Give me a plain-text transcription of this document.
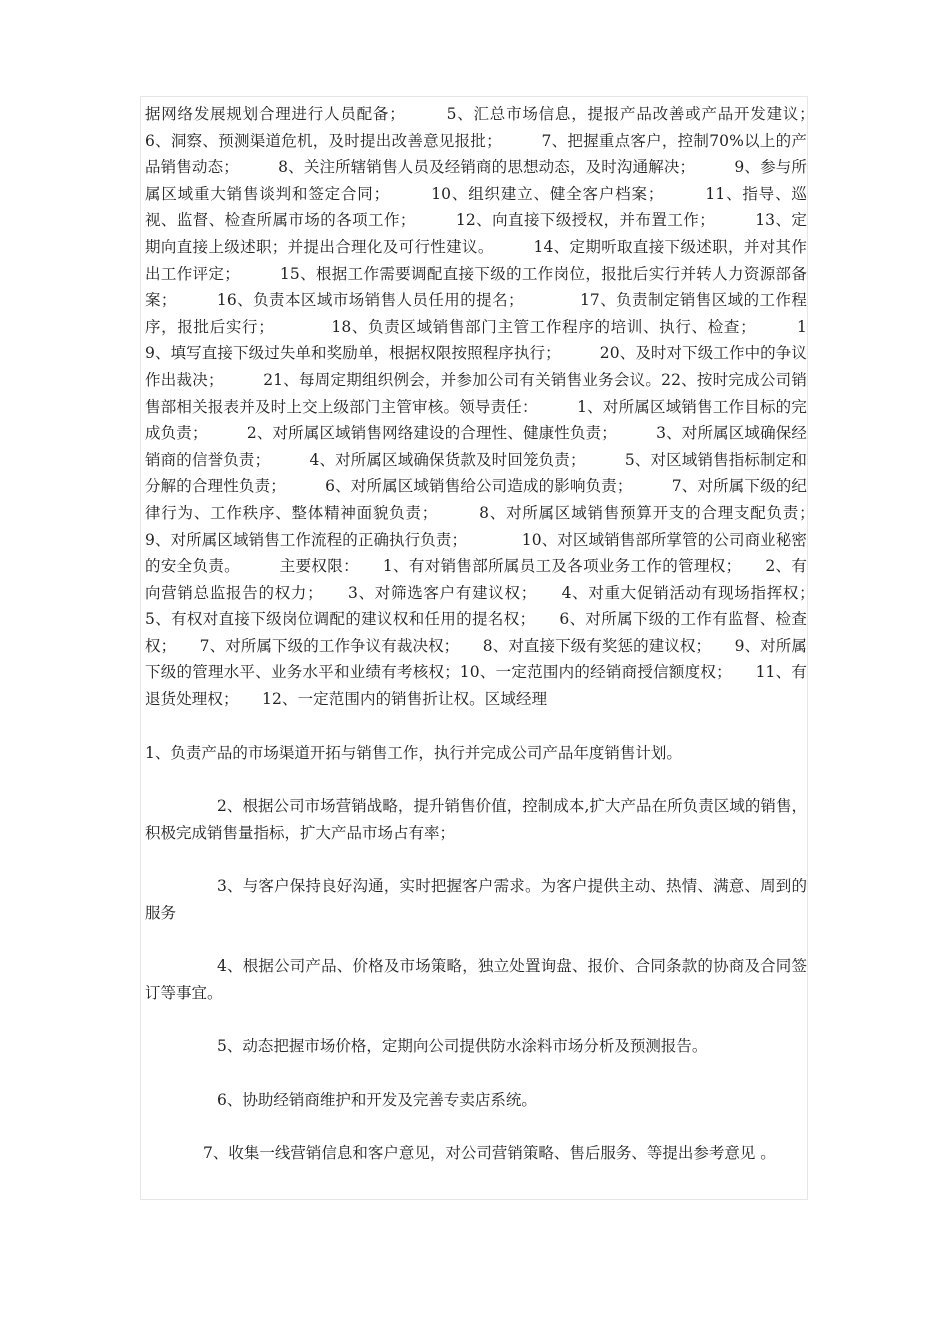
据网络发展规划合理进行人员配备；　　　5、汇总市场信息，提报产品改善或产品开发建议；　　　6、洞察、预测渠道危机，及时提出改善意见报批；　　　7、把握重点客户，控制70%以上的产品销售动态；　　　8、关注所辖销售人员及经销商的思想动态，及时沟通解决；　　　9、参与所属区域重大销售谈判和签定合同；　　　10、组织建立、健全客户档案；　　　11、指导、巡视、监督、检查所属市场的各项工作；　　　12、向直接下级授权，并布置工作；　　　13、定期向直接上级述职；并提出合理化及可行性建议。　　　14、定期听取直接下级述职，并对其作出工作评定；　　　15、根据工作需要调配直接下级的工作岗位，报批后实行并转人力资源部备案；　　　16、负责本区域市场销售人员任用的提名；　　　　17、负责制定销售区域的工作程序，报批后实行；　　　　18、负责区域销售部门主管工作程序的培训、执行、检查；　　　19、填写直接下级过失单和奖励单，根据权限按照程序执行；　　　20、及时对下级工作中的争议作出裁决；　　　21、每周定期组织例会，并参加公司有关销售业务会议。22、按时完成公司销售部相关报表并及时上交上级部门主管审核。领导责任：　　　1、对所属区域销售工作目标的完成负责；　　　2、对所属区域销售网络建设的合理性、健康性负责；　　　3、对所属区域确保经销商的信誉负责；　　　4、对所属区域确保货款及时回笼负责；　　　5、对区域销售指标制定和分解的合理性负责；　　　6、对所属区域销售给公司造成的影响负责；　　　7、对所属下级的纪律行为、工作秩序、整体精神面貌负责；　　　8、对所属区域销售预算开支的合理支配负责；　　　9、对所属区域销售工作流程的正确执行负责；　　　　10、对区域销售部所掌管的公司商业秘密的安全负责。　　　主要权限：　　1、有对销售部所属员工及各项业务工作的管理权；　　2、有向营销总监报告的权力；　　3、对筛选客户有建议权；　　4、对重大促销活动有现场指挥权；　　　5、有权对直接下级岗位调配的建议权和任用的提名权；　　6、对所属下级的工作有监督、检查权；　　7、对所属下级的工作争议有裁决权；　　8、对直接下级有奖惩的建议权；　　9、对所属下级的管理水平、业务水平和业绩有考核权；10、一定范围内的经销商授信额度权；　　11、有退货处理权；　　12、一定范围内的销售折让权。区域经理

1、负责产品的市场渠道开拓与销售工作，执行并完成公司产品年度销售计划。

2、根据公司市场营销战略，提升销售价值，控制成本,扩大产品在所负责区域的销售，积极完成销售量指标，扩大产品市场占有率；

3、与客户保持良好沟通，实时把握客户需求。为客户提供主动、热情、满意、周到的服务

4、根据公司产品、价格及市场策略，独立处置询盘、报价、合同条款的协商及合同签订等事宜。

5、动态把握市场价格，定期向公司提供防水涂料市场分析及预测报告。

6、协助经销商维护和开发及完善专卖店系统。

7、收集一线营销信息和客户意见，对公司营销策略、售后服务、等提出参考意见 。
